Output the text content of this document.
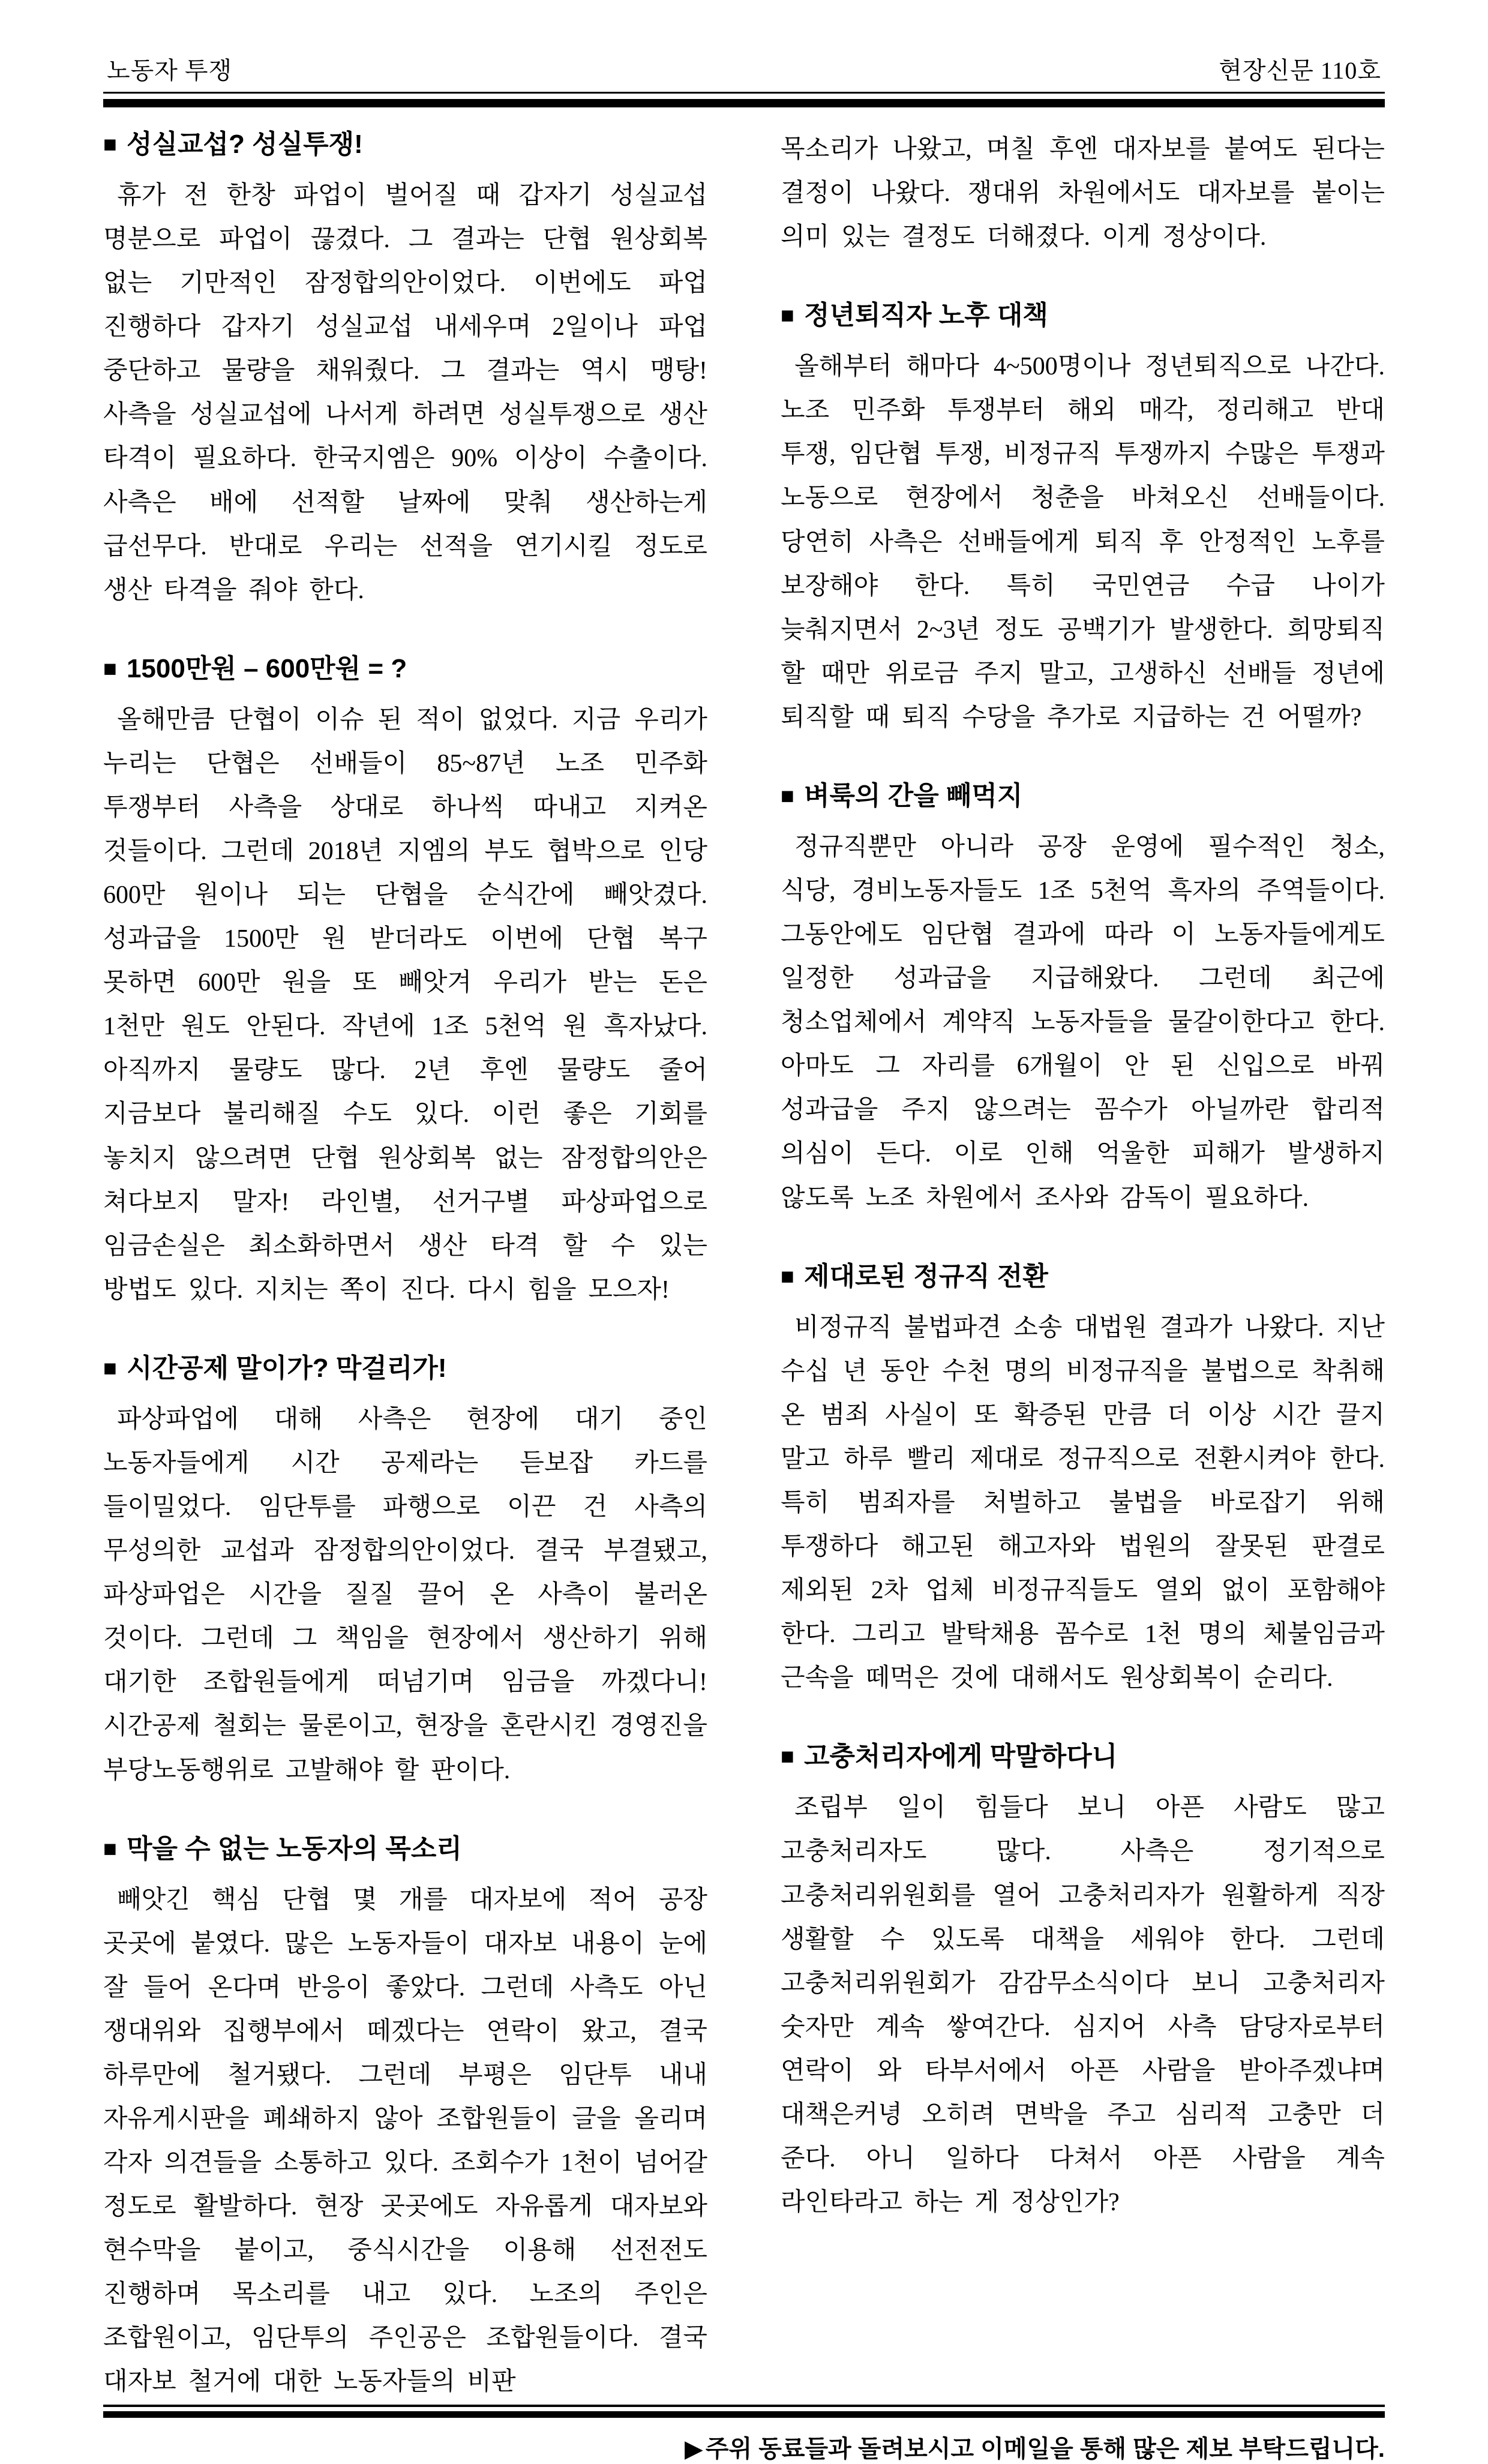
노동자 투쟁	현장신문 110호
■ 성실교섭? 성실투쟁!

휴가 전 한창 파업이 벌어질 때 갑자기 성실교섭 명분으로 파업이 끊겼다. 그 결과는 단협 원상회복 없는 기만적인 잠정합의안이었다. 이번에도 파업 진행하다 갑자기 성실교섭 내세우며 2일이나 파업 중단하고 물량을 채워줬다. 그 결과는 역시 맹탕! 사측을 성실교섭에 나서게 하려면 성실투쟁으로 생산 타격이 필요하다. 한국지엠은 90% 이상이 수출이다. 사측은 배에 선적할 날짜에 맞춰 생산하는게 급선무다. 반대로 우리는 선적을 연기시킬 정도로 생산 타격을 줘야 한다.

■ 1500만원 – 600만원 = ?

올해만큼 단협이 이슈 된 적이 없었다. 지금 우리가 누리는 단협은 선배들이 85~87년 노조 민주화 투쟁부터 사측을 상대로 하나씩 따내고 지켜온 것들이다. 그런데 2018년 지엠의 부도 협박으로 인당 600만 원이나 되는 단협을 순식간에 빼앗겼다. 성과급을 1500만 원 받더라도 이번에 단협 복구 못하면 600만 원을 또 빼앗겨 우리가 받는 돈은 1천만 원도 안된다. 작년에 1조 5천억 원 흑자났다. 아직까지 물량도 많다. 2년 후엔 물량도 줄어 지금보다 불리해질 수도 있다. 이런 좋은 기회를 놓치지 않으려면 단협 원상회복 없는 잠정합의안은 쳐다보지 말자! 라인별, 선거구별 파상파업으로 임금손실은 최소화하면서 생산 타격 할 수 있는 방법도 있다. 지치는 쪽이 진다. 다시 힘을 모으자!

■ 시간공제 말이가? 막걸리가!

파상파업에 대해 사측은 현장에 대기 중인 노동자들에게 시간 공제라는 듣보잡 카드를 들이밀었다. 임단투를 파행으로 이끈 건 사측의 무성의한 교섭과 잠정합의안이었다. 결국 부결됐고, 파상파업은 시간을 질질 끌어 온 사측이 불러온 것이다. 그런데 그 책임을 현장에서 생산하기 위해 대기한 조합원들에게 떠넘기며 임금을 까겠다니! 시간공제 철회는 물론이고, 현장을 혼란시킨 경영진을 부당노동행위로 고발해야 할 판이다.

■ 막을 수 없는 노동자의 목소리

빼앗긴 핵심 단협 몇 개를 대자보에 적어 공장 곳곳에 붙였다. 많은 노동자들이 대자보 내용이 눈에 잘 들어 온다며 반응이 좋았다. 그런데 사측도 아닌 쟁대위와 집행부에서 떼겠다는 연락이 왔고, 결국 하루만에 철거됐다. 그런데 부평은 임단투 내내 자유게시판을 폐쇄하지 않아 조합원들이 글을 올리며 각자 의견들을 소통하고 있다. 조회수가 1천이 넘어갈 정도로 활발하다. 현장 곳곳에도 자유롭게 대자보와 현수막을 붙이고, 중식시간을 이용해 선전전도 진행하며 목소리를 내고 있다. 노조의 주인은 조합원이고, 임단투의 주인공은 조합원들이다. 결국 대자보 철거에 대한 노동자들의 비판

목소리가 나왔고, 며칠 후엔 대자보를 붙여도 된다는 결정이 나왔다. 쟁대위 차원에서도 대자보를 붙이는 의미 있는 결정도 더해졌다. 이게 정상이다.

■ 정년퇴직자 노후 대책

올해부터 해마다 4~500명이나 정년퇴직으로 나간다. 노조 민주화 투쟁부터 해외 매각, 정리해고 반대 투쟁, 임단협 투쟁, 비정규직 투쟁까지 수많은 투쟁과 노동으로 현장에서 청춘을 바쳐오신 선배들이다. 당연히 사측은 선배들에게 퇴직 후 안정적인 노후를 보장해야 한다. 특히 국민연금 수급 나이가 늦춰지면서 2~3년 정도 공백기가 발생한다. 희망퇴직 할 때만 위로금 주지 말고, 고생하신 선배들 정년에 퇴직할 때 퇴직 수당을 추가로 지급하는 건 어떨까?

■ 벼룩의 간을 빼먹지

정규직뿐만 아니라 공장 운영에 필수적인 청소, 식당, 경비노동자들도 1조 5천억 흑자의 주역들이다. 그동안에도 임단협 결과에 따라 이 노동자들에게도 일정한 성과급을 지급해왔다. 그런데 최근에 청소업체에서 계약직 노동자들을 물갈이한다고 한다. 아마도 그 자리를 6개월이 안 된 신입으로 바꿔 성과급을 주지 않으려는 꼼수가 아닐까란 합리적 의심이 든다. 이로 인해 억울한 피해가 발생하지 않도록 노조 차원에서 조사와 감독이 필요하다.

■ 제대로된 정규직 전환

비정규직 불법파견 소송 대법원 결과가 나왔다. 지난 수십 년 동안 수천 명의 비정규직을 불법으로 착취해 온 범죄 사실이 또 확증된 만큼 더 이상 시간 끌지 말고 하루 빨리 제대로 정규직으로 전환시켜야 한다. 특히 범죄자를 처벌하고 불법을 바로잡기 위해 투쟁하다 해고된 해고자와 법원의 잘못된 판결로 제외된 2차 업체 비정규직들도 열외 없이 포함해야 한다. 그리고 발탁채용 꼼수로 1천 명의 체불임금과 근속을 떼먹은 것에 대해서도 원상회복이 순리다.

■ 고충처리자에게 막말하다니

조립부 일이 힘들다 보니 아픈 사람도 많고 고충처리자도 많다. 사측은 정기적으로 고충처리위원회를 열어 고충처리자가 원활하게 직장 생활할 수 있도록 대책을 세워야 한다. 그런데 고충처리위원회가 감감무소식이다 보니 고충처리자 숫자만 계속 쌓여간다. 심지어 사측 담당자로부터 연락이 와 타부서에서 아픈 사람을 받아주겠냐며 대책은커녕 오히려 면박을 주고 심리적 고충만 더 준다. 아니 일하다 다쳐서 아픈 사람을 계속 라인타라고 하는 게 정상인가?

▶ 주위 동료들과 돌려보시고 이메일을 통해 많은 제보 부탁드립니다.
